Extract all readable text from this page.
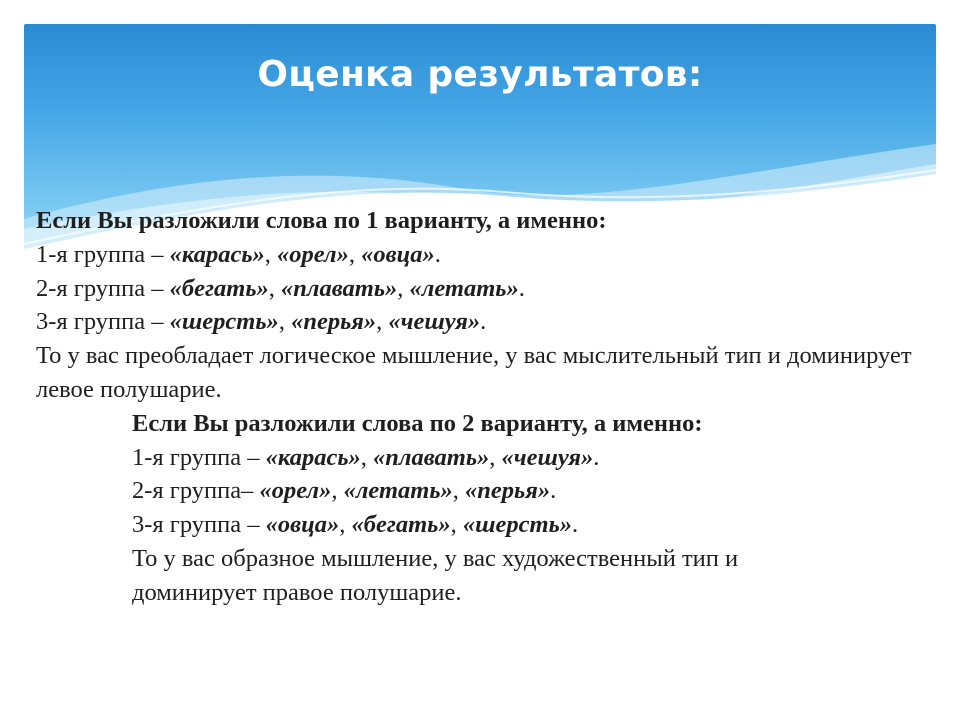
Оценка результатов:
Если Вы разложили слова по 1 варианту, а именно:
1-я группа – «карась», «орел», «овца».
2-я группа – «бегать», «плавать», «летать».
3-я группа – «шерсть», «перья», «чешуя».
То у вас преобладает логическое мышление, у вас мыслительный тип и доминирует левое полушарие.
Если Вы разложили слова по 2 варианту, а именно:
1-я группа – «карась», «плавать», «чешуя».
2-я группа– «орел», «летать», «перья».
3-я группа – «овца», «бегать», «шерсть».
То у вас образное мышление, у вас художественный тип и
доминирует правое полушарие.
